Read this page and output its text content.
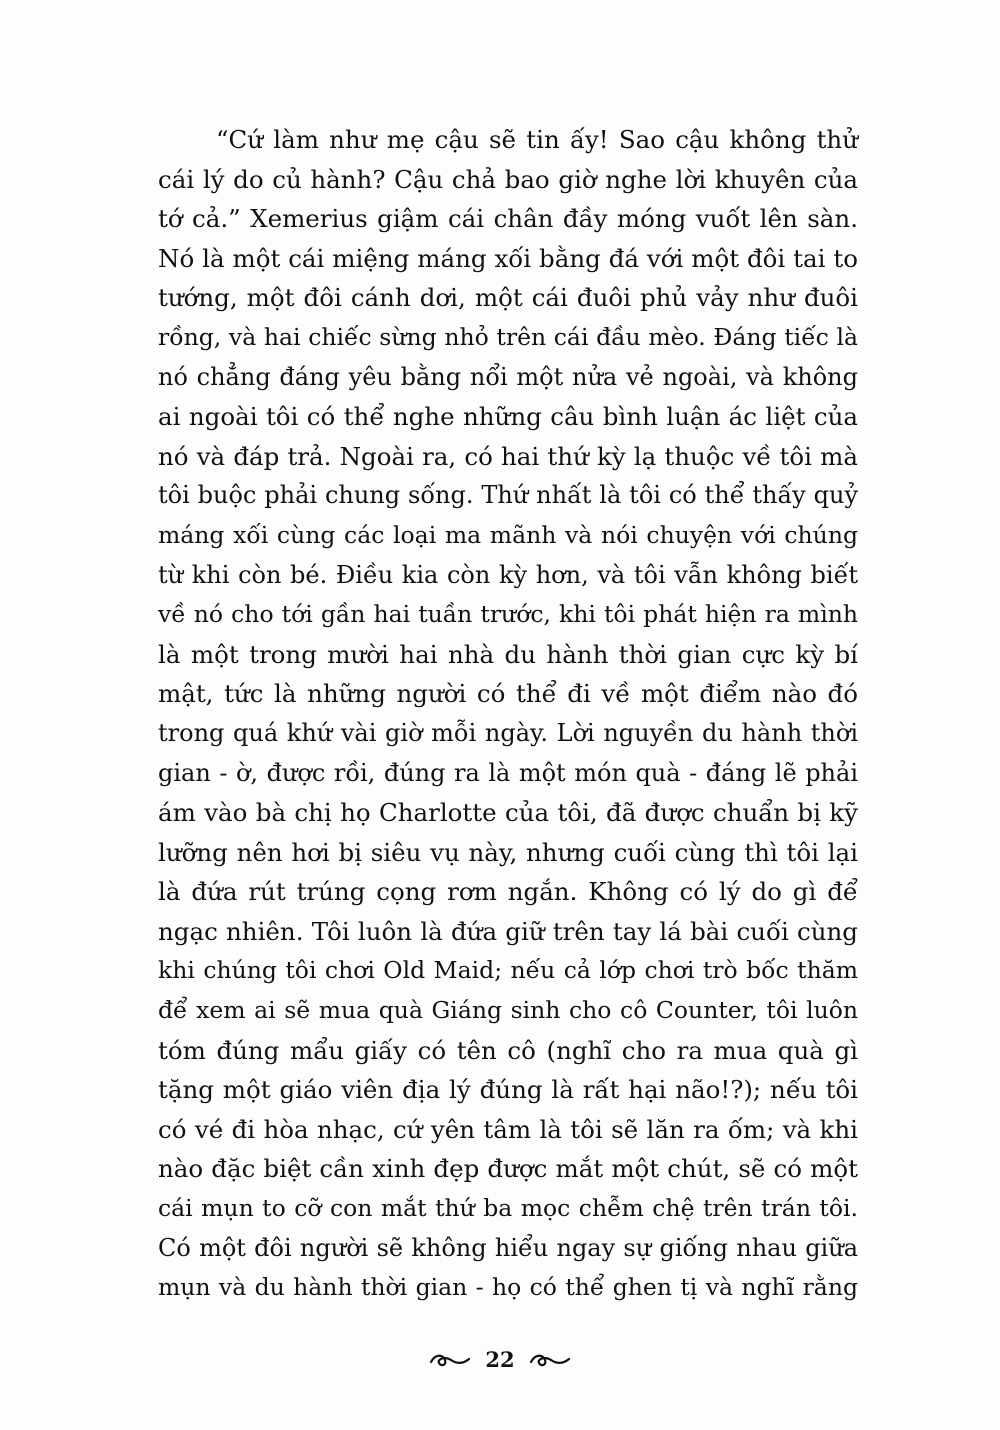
“Cứ làm như mẹ cậu sẽ tin ấy! Sao cậu không thử
cái lý do củ hành? Cậu chả bao giờ nghe lời khuyên của
tớ cả.” Xemerius giậm cái chân đầy móng vuốt lên sàn.
Nó là một cái miệng máng xối bằng đá với một đôi tai to
tướng, một đôi cánh dơi, một cái đuôi phủ vảy như đuôi
rồng, và hai chiếc sừng nhỏ trên cái đầu mèo. Đáng tiếc là
nó chẳng đáng yêu bằng nổi một nửa vẻ ngoài, và không
ai ngoài tôi có thể nghe những câu bình luận ác liệt của
nó và đáp trả. Ngoài ra, có hai thứ kỳ lạ thuộc về tôi mà
tôi buộc phải chung sống. Thứ nhất là tôi có thể thấy quỷ
máng xối cùng các loại ma mãnh và nói chuyện với chúng
từ khi còn bé. Điều kia còn kỳ hơn, và tôi vẫn không biết
về nó cho tới gần hai tuần trước, khi tôi phát hiện ra mình
là một trong mười hai nhà du hành thời gian cực kỳ bí
mật, tức là những người có thể đi về một điểm nào đó
trong quá khứ vài giờ mỗi ngày. Lời nguyền du hành thời
gian - ờ, được rồi, đúng ra là một món quà - đáng lẽ phải
ám vào bà chị họ Charlotte của tôi, đã được chuẩn bị kỹ
lưỡng nên hơi bị siêu vụ này, nhưng cuối cùng thì tôi lại
là đứa rút trúng cọng rơm ngắn. Không có lý do gì để
ngạc nhiên. Tôi luôn là đứa giữ trên tay lá bài cuối cùng
khi chúng tôi chơi Old Maid; nếu cả lớp chơi trò bốc thăm
để xem ai sẽ mua quà Giáng sinh cho cô Counter, tôi luôn
tóm đúng mẩu giấy có tên cô (nghĩ cho ra mua quà gì
tặng một giáo viên địa lý đúng là rất hại não!?); nếu tôi
có vé đi hòa nhạc, cứ yên tâm là tôi sẽ lăn ra ốm; và khi
nào đặc biệt cần xinh đẹp được mắt một chút, sẽ có một
cái mụn to cỡ con mắt thứ ba mọc chễm chệ trên trán tôi.
Có một đôi người sẽ không hiểu ngay sự giống nhau giữa
mụn và du hành thời gian - họ có thể ghen tị và nghĩ rằng
22
